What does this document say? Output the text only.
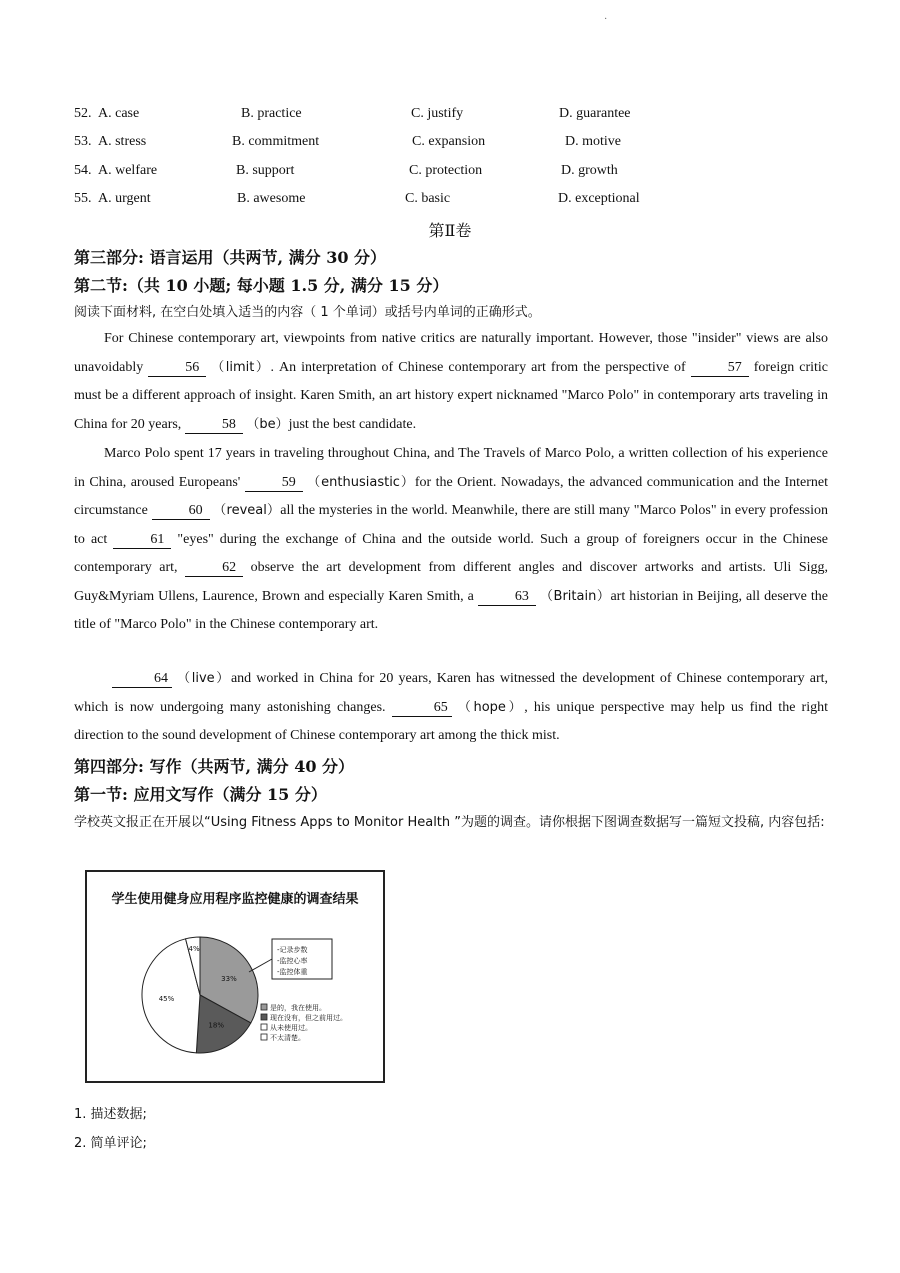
·
52. A. case	B. practice	C. justify	D. guarantee
53. A. stress	B. commitment	C. expansion	D. motive
54. A. welfare	B. support	C. protection	D. growth
55. A. urgent	B. awesome	C. basic	D. exceptional
第Ⅱ卷
第三部分: 语言运用（共两节, 满分 30 分）
第二节:（共 10 小题; 每小题 1.5 分, 满分 15 分）
阅读下面材料, 在空白处填入适当的内容（ 1 个单词）或括号内单词的正确形式。
For Chinese contemporary art, viewpoints from native critics are naturally important. However, those "insider" views are also unavoidably	56 （limit）. An interpretation of Chinese contemporary art from the perspective of	57 foreign critic must be a different approach of insight. Karen Smith, an art history expert nicknamed "Marco Polo" in contemporary arts traveling in China for 20 years,	58 （be）just the best candidate.
Marco Polo spent 17 years in traveling throughout China, and The Travels of Marco Polo, a written collection of his experience in China, aroused Europeans'	59 （enthusiastic）for the Orient. Nowadays, the advanced communication and the Internet circumstance	60 （reveal）all the mysteries in the world. Meanwhile, there are still many "Marco Polos" in every profession to act	61 "eyes" during the exchange of China and the outside world. Such a group of foreigners occur in the Chinese contemporary art,	62 observe the art development from different angles and discover artworks and artists. Uli Sigg, Guy&Myriam Ullens, Laurence, Brown and especially Karen Smith, a	63 （Britain）art historian in Beijing, all deserve the title of "Marco Polo" in the Chinese contemporary art.
64 （live）and worked in China for 20 years, Karen has witnessed the development of Chinese contemporary art, which is now undergoing many astonishing changes.	65 （hope）, his unique perspective may help us find the right direction to the sound development of Chinese contemporary art among the thick mist.
第四部分: 写作（共两节, 满分 40 分）
第一节: 应用文写作（满分 15 分）
学校英文报正在开展以“Using Fitness Apps to Monitor Health ”为题的调查。请你根据下图调查数据写一篇短文投稿, 内容包括:
学生使用健身应用程序监控健康的调查结果
33%
18%
45%
4%	-记录步数
-监控心率
-监控体重
是的，我在使用。
现在没有，但之前用过。
从未使用过。
不太清楚。
1. 描述数据;
2. 简单评论;
